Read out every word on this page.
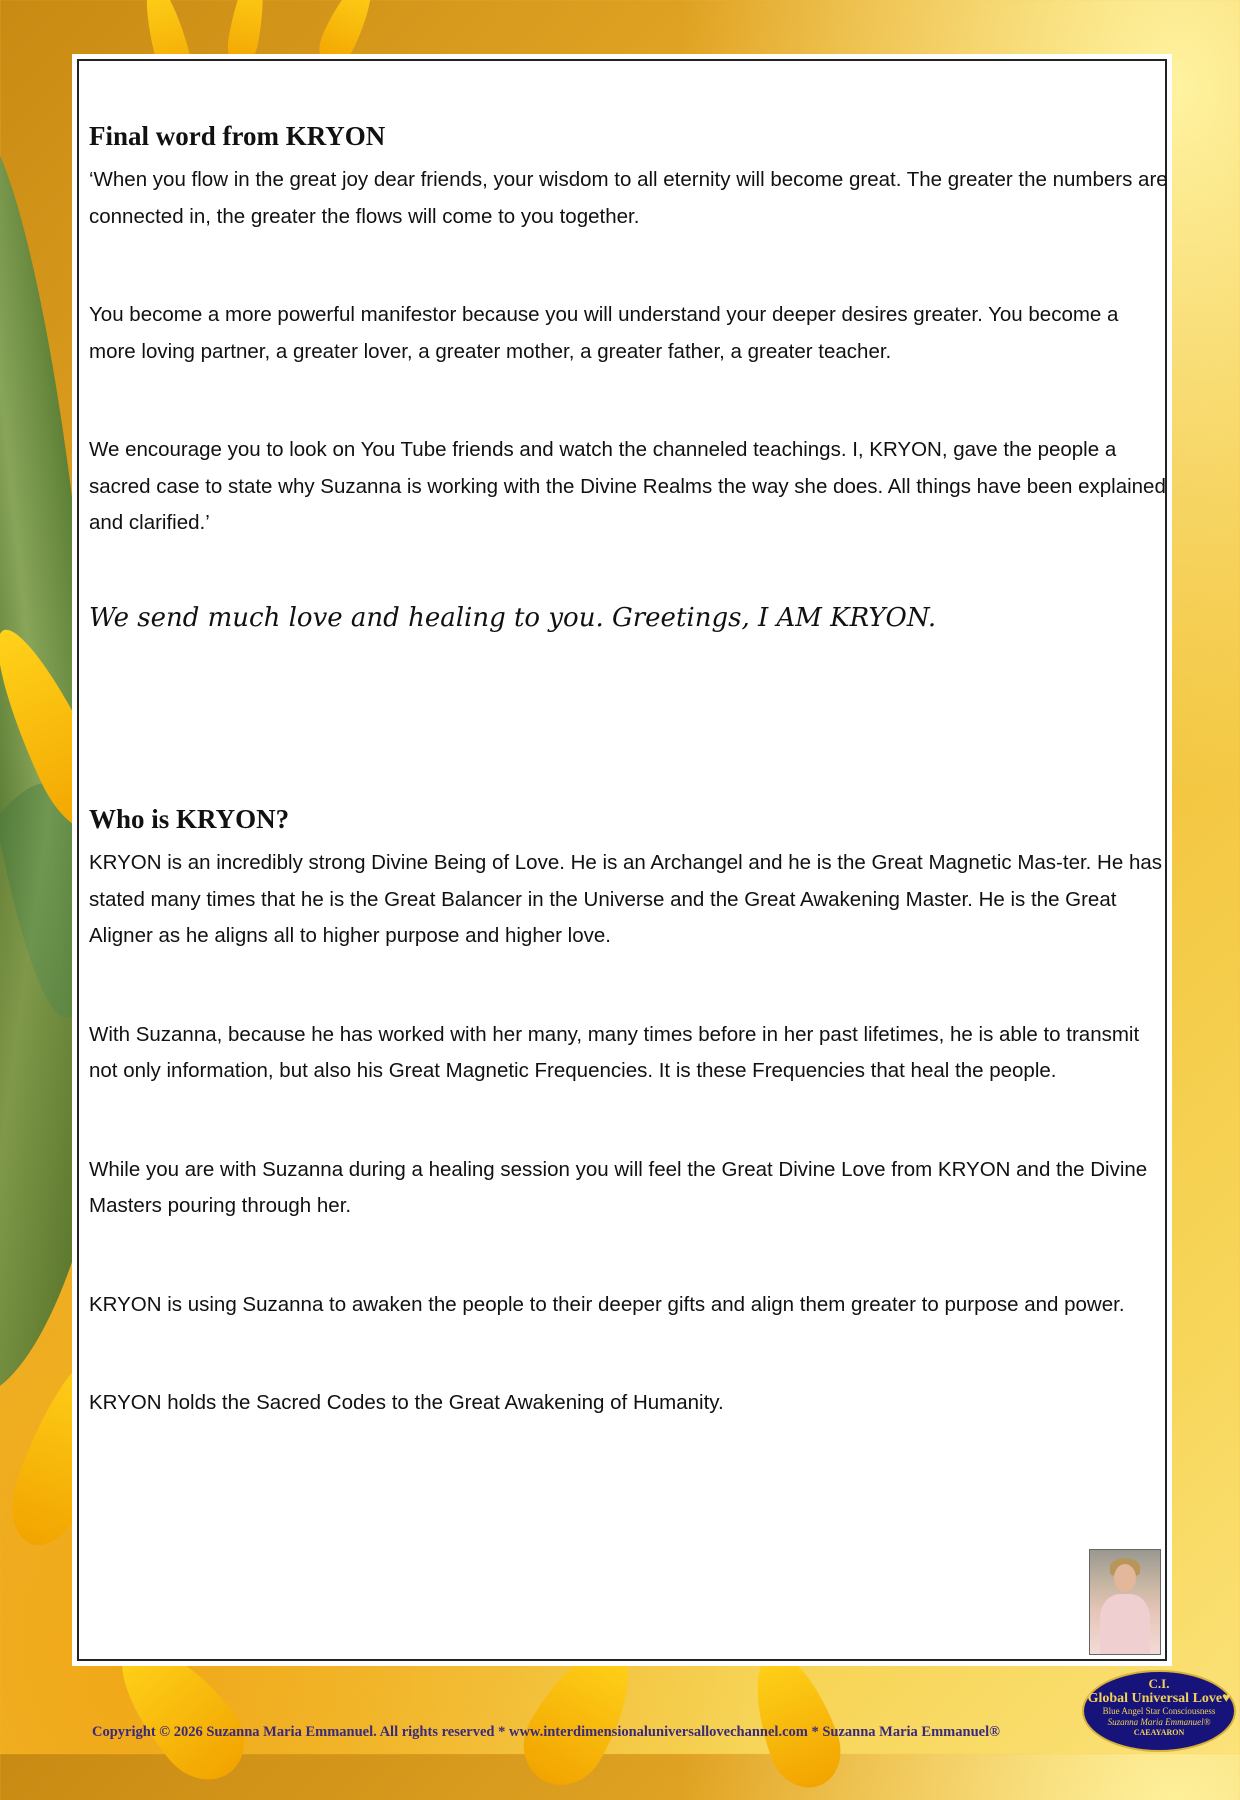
Final word from KRYON

‘When you flow in the great joy dear friends, your wisdom to all eternity will become great. The greater the numbers are connected in, the greater the flows will come to you together.

You become a more powerful manifestor because you will understand your deeper desires greater. You become a more loving partner, a greater lover, a greater mother, a greater father, a greater teacher.

We encourage you to look on You Tube friends and watch the channeled teachings. I, KRYON, gave the people a sacred case to state why Suzanna is working with the Divine Realms the way she does. All things have been explained and clarified.’

We send much love and healing to you. Greetings, I AM KRYON.

Who is KRYON?

KRYON is an incredibly strong Divine Being of Love. He is an Archangel and he is the Great Magnetic Mas-ter. He has stated many times that he is the Great Balancer in the Universe and the Great Awakening Master. He is the Great Aligner as he aligns all to higher purpose and higher love.

With Suzanna, because he has worked with her many, many times before in her past lifetimes, he is able to transmit not only information, but also his Great Magnetic Frequencies. It is these Frequencies that heal the people.

While you are with Suzanna during a healing session you will feel the Great Divine Love from KRYON and the Divine Masters pouring through her.

KRYON is using Suzanna to awaken the people to their deeper gifts and align them greater to purpose and power.

KRYON holds the Sacred Codes to the Great Awakening of Humanity.

Copyright © 2026 Suzanna Maria Emmanuel. All rights reserved * www.interdimensionaluniversallovechannel.com * Suzanna Maria Emmanuel®
C.I.
Global Universal Love♥
Blue Angel Star Consciousness
Suzanna Maria Emmanuel®
CAEAYARON
